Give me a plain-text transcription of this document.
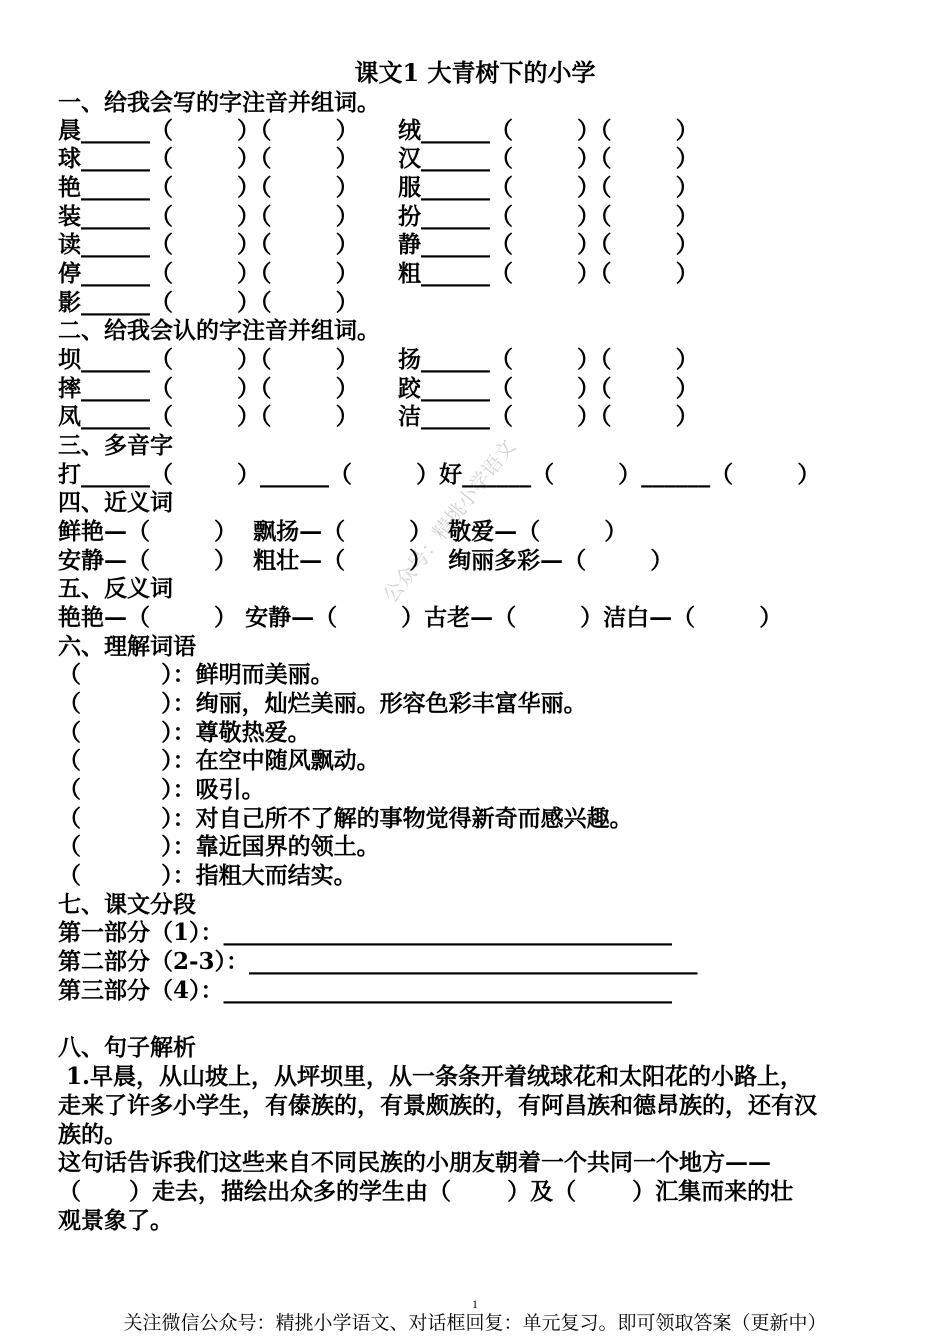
课文1 大青树下的小学
一、给我会写的字注音并组词。
晨______（        ）（        ） 绒______（        ）（        ）
球______（        ）（        ） 汉______（        ）（        ）
艳______（        ）（        ） 服______（        ）（        ）
装______（        ）（        ） 扮______（        ）（        ）
读______（        ）（        ） 静______（        ）（        ）
停______（        ）（        ） 粗______（        ）（        ）
影______（        ）（        ）
二、给我会认的字注音并组词。
坝______（        ）（        ） 扬______（        ）（        ）
摔______（        ）（        ） 跤______（        ）（        ）
凤______（        ）（        ） 洁______（        ）（        ）
三、多音字
打______（        ）______（        ）好______（        ）______（        ）
四、近义词
鲜艳—（        ）  飘扬—（        ）  敬爱—（        ）
安静—（        ）  粗壮—（        ）  绚丽多彩—（        ）
五、反义词
艳艳—（        ） 安静—（        ）古老—（        ）洁白—（        ）
六、理解词语
（          ）：鲜明而美丽。
（          ）：绚丽，灿烂美丽。形容色彩丰富华丽。
（          ）：尊敬热爱。
（          ）：在空中随风飘动。
（          ）：吸引。
（          ）：对自己所不了解的事物觉得新奇而感兴趣。
（          ）：靠近国界的领土。
（          ）：指粗大而结实。
七、课文分段
第一部分（1）：_______________________________________
第二部分（2-3）：_______________________________________
第三部分（4）：_______________________________________
八、句子解析
1.早晨，从山坡上，从坪坝里，从一条条开着绒球花和太阳花的小路上，
走来了许多小学生，有傣族的，有景颇族的，有阿昌族和德昂族的，还有汉
族的。
这句话告诉我们这些来自不同民族的小朋友朝着一个共同一个地方——
（      ）走去，描绘出众多的学生由（       ）及（       ）汇集而来的壮
观景象了。
公众号：精挑小学语文
1
关注微信公众号：精挑小学语文、对话框回复：单元复习。即可领取答案（更新中）
